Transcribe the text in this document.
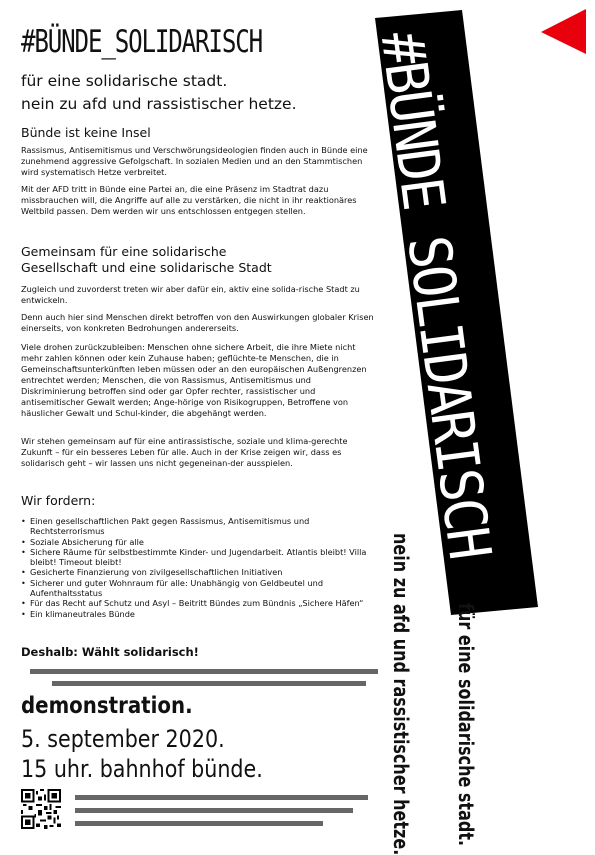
#BÜNDE_SOLIDARISCH
für eine solidarische stadt.
nein zu afd und rassistischer hetze.
Bünde ist keine Insel
Rassismus, Antisemitismus und Verschwörungsideologien finden auch in Bünde eine zunehmend aggressive Gefolgschaft. In sozialen Medien und an den Stammtischen wird systematisch Hetze verbreitet.
Mit der AFD tritt in Bünde eine Partei an, die eine Präsenz im Stadtrat dazu missbrauchen will, die Angriffe auf alle zu verstärken, die nicht in ihr reaktionäres Weltbild passen. Dem werden wir uns entschlossen entgegen stellen.
Gemeinsam für eine solidarische
Gesellschaft und eine solidarische Stadt
Zugleich und zuvorderst treten wir aber dafür ein, aktiv eine solida-rische Stadt zu entwickeln.
Denn auch hier sind Menschen direkt betroffen von den Auswirkungen globaler Krisen einerseits, von konkreten Bedrohungen andererseits.
Viele drohen zurückzubleiben: Menschen ohne sichere Arbeit, die ihre Miete nicht mehr zahlen können oder kein Zuhause haben; geflüchte-te Menschen, die in Gemeinschaftsunterkünften leben müssen oder an den europäischen Außengrenzen entrechtet werden; Menschen, die von Rassismus, Antisemitismus und Diskriminierung betroffen sind oder gar Opfer rechter, rassistischer und antisemitischer Gewalt werden; Ange-hörige von Risikogruppen, Betroffene von häuslicher Gewalt und Schul-kinder, die abgehängt werden.
Wir stehen gemeinsam auf für eine antirassistische, soziale und klima-gerechte Zukunft – für ein besseres Leben für alle. Auch in der Krise zeigen wir, dass es solidarisch geht – wir lassen uns nicht gegeneinan-der ausspielen.
Wir fordern:
• Einen gesellschaftlichen Pakt gegen Rassismus, Antisemitismus und Rechtsterrorismus
• Soziale Absicherung für alle
• Sichere Räume für selbstbestimmte Kinder- und Jugendarbeit. Atlantis bleibt! Villa bleibt! Timeout bleibt!
• Gesicherte Finanzierung von zivilgesellschaftlichen Initiativen
• Sicherer und guter Wohnraum für alle: Unabhängig von Geldbeutel und Aufenthaltsstatus
• Für das Recht auf Schutz und Asyl – Beitritt Bündes zum Bündnis „Sichere Häfen“
• Ein klimaneutrales Bünde
Deshalb: Wählt solidarisch!
demonstration.
5. september 2020.
15 uhr. bahnhof bünde.
#BÜNDE_SOLIDARISCH
nein zu afd und rassistischer hetze. für eine solidarische stadt.
